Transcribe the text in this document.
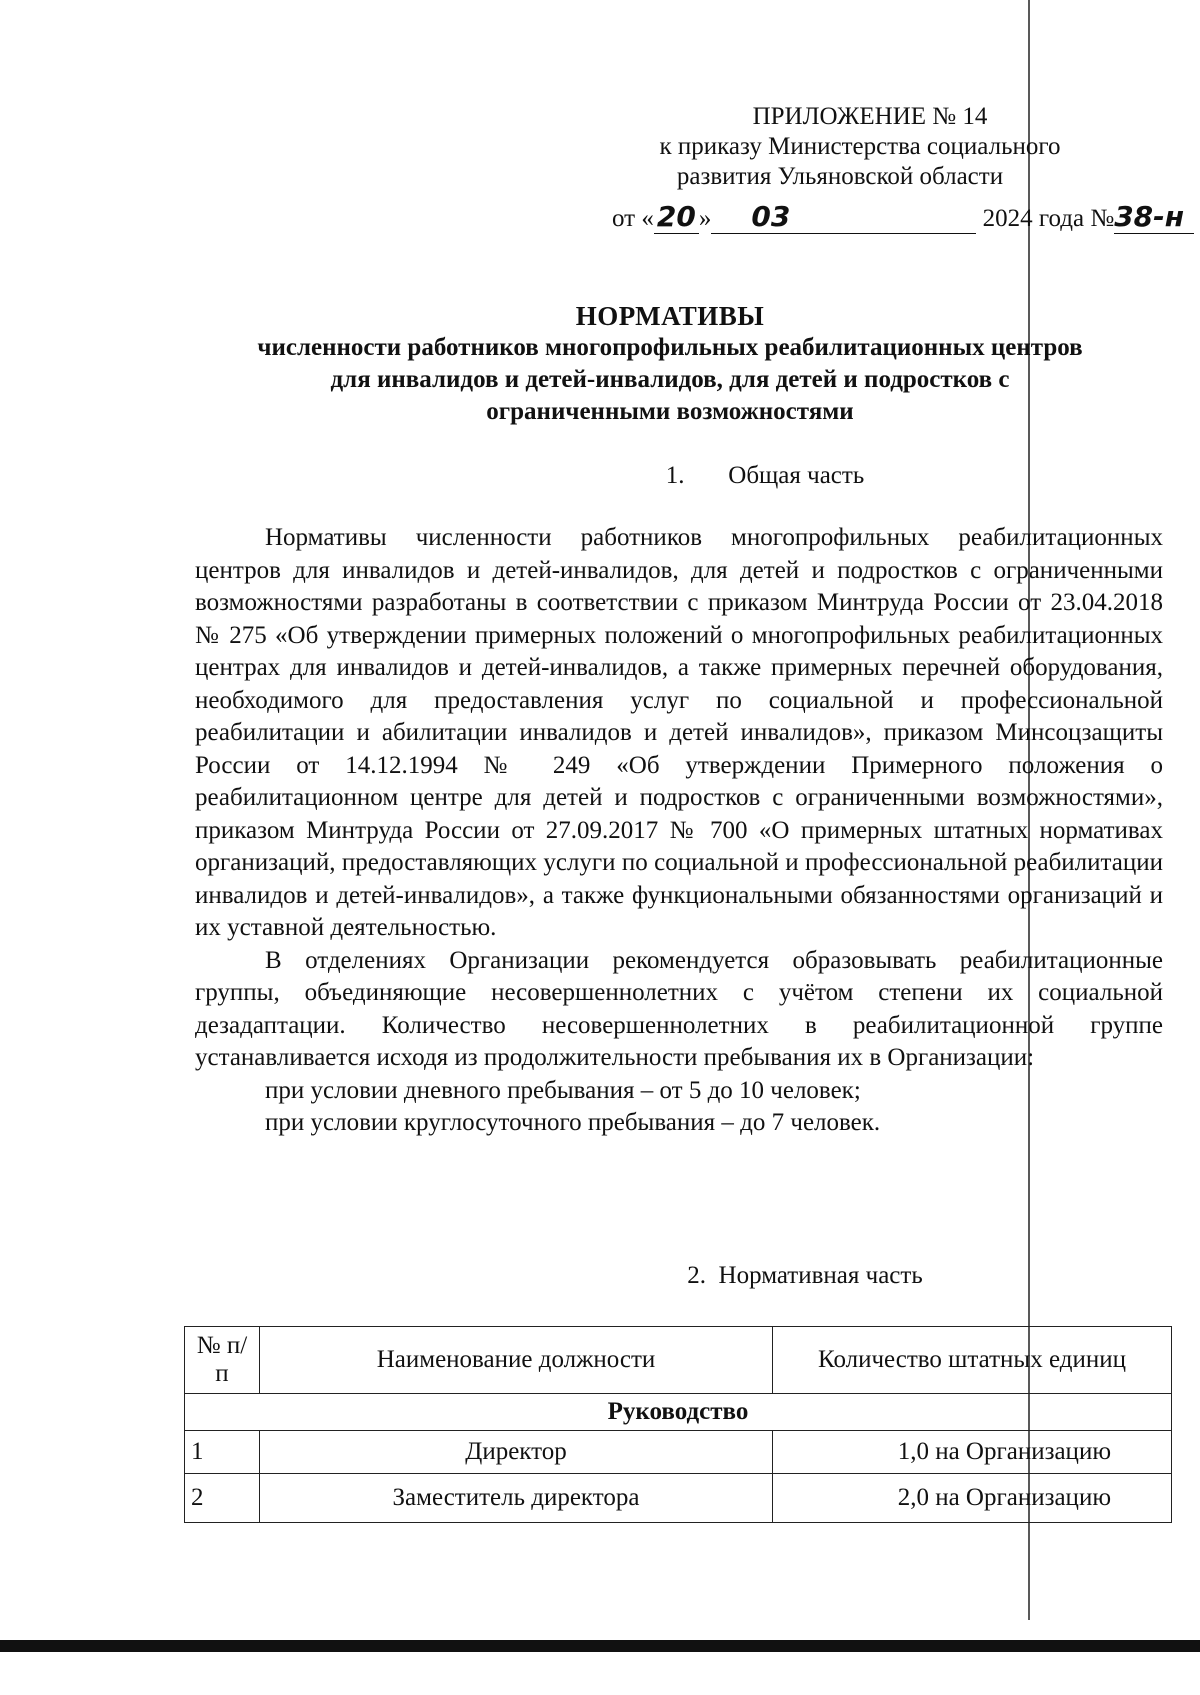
ПРИЛОЖЕНИЕ № 14
к приказу Министерства социального
развития Ульяновской области
от « 20 » 03	2024 года №38-н
НОРМАТИВЫ
численности работников многопрофильных реабилитационных центров
для инвалидов и детей-инвалидов, для детей и подростков с
ограниченными возможностями
1.       Общая часть

Нормативы численности работников многопрофильных реабилитационных центров для инвалидов и детей-инвалидов, для детей и подростков с ограниченными возможностями разработаны в соответствии с приказом Минтруда России от 23.04.2018 № 275 «Об утверждении примерных положений о многопрофильных реабилитационных центрах для инвалидов и детей-инвалидов, а также примерных перечней оборудования, необходимого для предоставления услуг по социальной и профессиональной реабилитации и абилитации инвалидов и детей инвалидов», приказом Минсоцзащиты России от 14.12.1994 № 249 «Об утверждении Примерного положения о реабилитационном центре для детей и подростков с ограниченными возможностями», приказом Минтруда России от 27.09.2017 № 700 «О примерных штатных нормативах организаций, предоставляющих услуги по социальной и профессиональной реабилитации инвалидов и детей-инвалидов», а также функциональными обязанностями организаций и их уставной деятельностью.

В отделениях Организации рекомендуется образовывать реабилитационные группы, объединяющие несовершеннолетних с учётом степени их социальной дезадаптации. Количество несовершеннолетних в реабилитационной группе устанавливается исходя из продолжительности пребывания их в Организации:

при условии дневного пребывания – от 5 до 10 человек;

при условии круглосуточного пребывания – до 7 человек.

2.  Нормативная часть
№ п/п	Наименование должности	Количество штатных единиц
Руководство		
1	Директор	1,0 на Организацию
2	Заместитель директора	2,0 на Организацию
